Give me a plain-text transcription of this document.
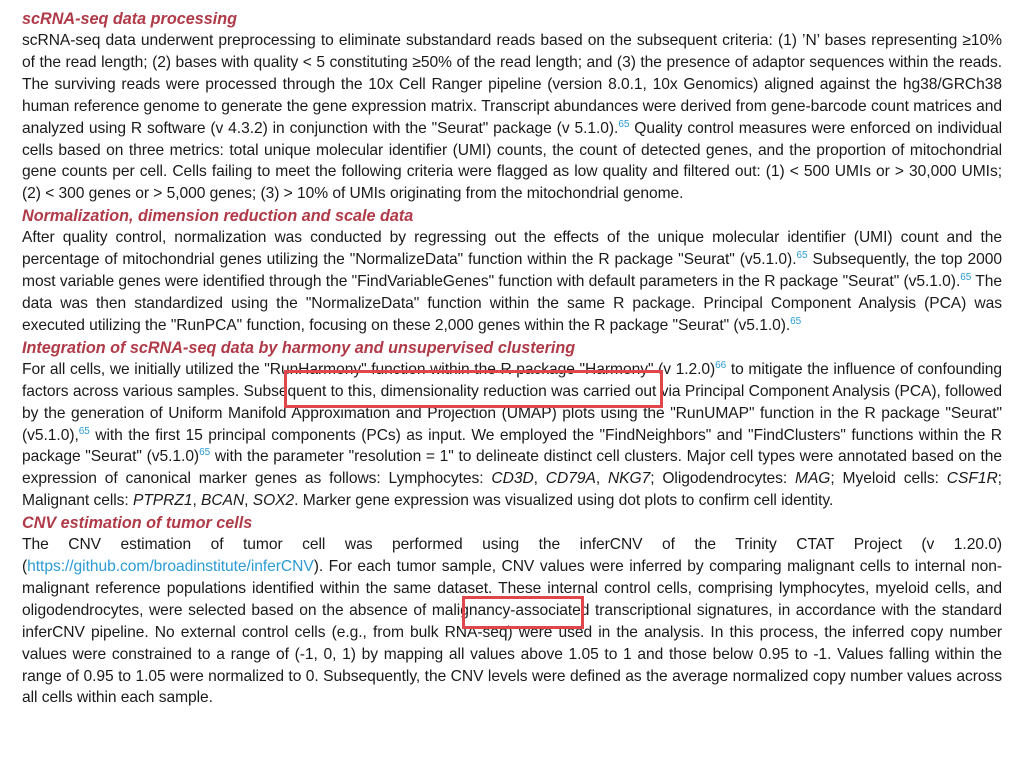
scRNA-seq data processing

scRNA-seq data underwent preprocessing to eliminate substandard reads based on the subsequent criteria: (1) ’N’ bases representing ≥10% of the read length; (2) bases with quality < 5 constituting ≥50% of the read length; and (3) the presence of adaptor sequences within the reads. The surviving reads were processed through the 10x Cell Ranger pipeline (version 8.0.1, 10x Genomics) aligned against the hg38/GRCh38 human reference genome to generate the gene expression matrix. Transcript abundances were derived from gene-barcode count matrices and analyzed using R software (v 4.3.2) in conjunction with the "Seurat" package (v 5.1.0).$^{65}$ Quality control measures were enforced on individual cells based on three metrics: total unique molecular identifier (UMI) counts, the count of detected genes, and the proportion of mitochondrial gene counts per cell. Cells failing to meet the following criteria were flagged as low quality and filtered out: (1) < 500 UMIs or > 30,000 UMIs; (2) < 300 genes or > 5,000 genes; (3) > 10% of UMIs originating from the mitochondrial genome.

Normalization, dimension reduction and scale data

After quality control, normalization was conducted by regressing out the effects of the unique molecular identifier (UMI) count and the percentage of mitochondrial genes utilizing the "NormalizeData" function within the R package "Seurat" (v5.1.0).$^{65}$ Subsequently, the top 2000 most variable genes were identified through the "FindVariableGenes" function with default parameters in the R package "Seurat" (v5.1.0).$^{65}$ The data was then standardized using the "NormalizeData" function within the same R package. Principal Component Analysis (PCA) was executed utilizing the "RunPCA" function, focusing on these 2,000 genes within the R package "Seurat" (v5.1.0).$^{65}$

Integration of scRNA-seq data by harmony and unsupervised clustering

For all cells, we initially utilized the "RunHarmony" function within the R package "Harmony" (v 1.2.0)$^{66}$ to mitigate the influence of confounding factors across various samples. Subsequent to this, dimensionality reduction was carried out via Principal Component Analysis (PCA), followed by the generation of Uniform Manifold Approximation and Projection (UMAP) plots using the "RunUMAP" function in the R package "Seurat" (v5.1.0),$^{65}$ with the first 15 principal components (PCs) as input. We employed the "FindNeighbors" and "FindClusters" functions within the R package "Seurat" (v5.1.0)$^{65}$ with the parameter "resolution = 1" to delineate distinct cell clusters. Major cell types were annotated based on the expression of canonical marker genes as follows: Lymphocytes: CD3D, CD79A, NKG7; Oligodendrocytes: MAG; Myeloid cells: CSF1R; Malignant cells: PTPRZ1, BCAN, SOX2. Marker gene expression was visualized using dot plots to confirm cell identity.

CNV estimation of tumor cells

The CNV estimation of tumor cell was performed using the inferCNV of the Trinity CTAT Project (v 1.20.0) (https://github.com/broadinstitute/inferCNV). For each tumor sample, CNV values were inferred by comparing malignant cells to internal non-malignant reference populations identified within the same dataset. These internal control cells, comprising lymphocytes, myeloid cells, and oligodendrocytes, were selected based on the absence of malignancy-associated transcriptional signatures, in accordance with the standard inferCNV pipeline. No external control cells (e.g., from bulk RNA-seq) were used in the analysis. In this process, the inferred copy number values were constrained to a range of (-1, 0, 1) by mapping all values above 1.05 to 1 and those below 0.95 to -1. Values falling within the range of 0.95 to 1.05 were normalized to 0. Subsequently, the CNV levels were defined as the average normalized copy number values across all cells within each sample.
